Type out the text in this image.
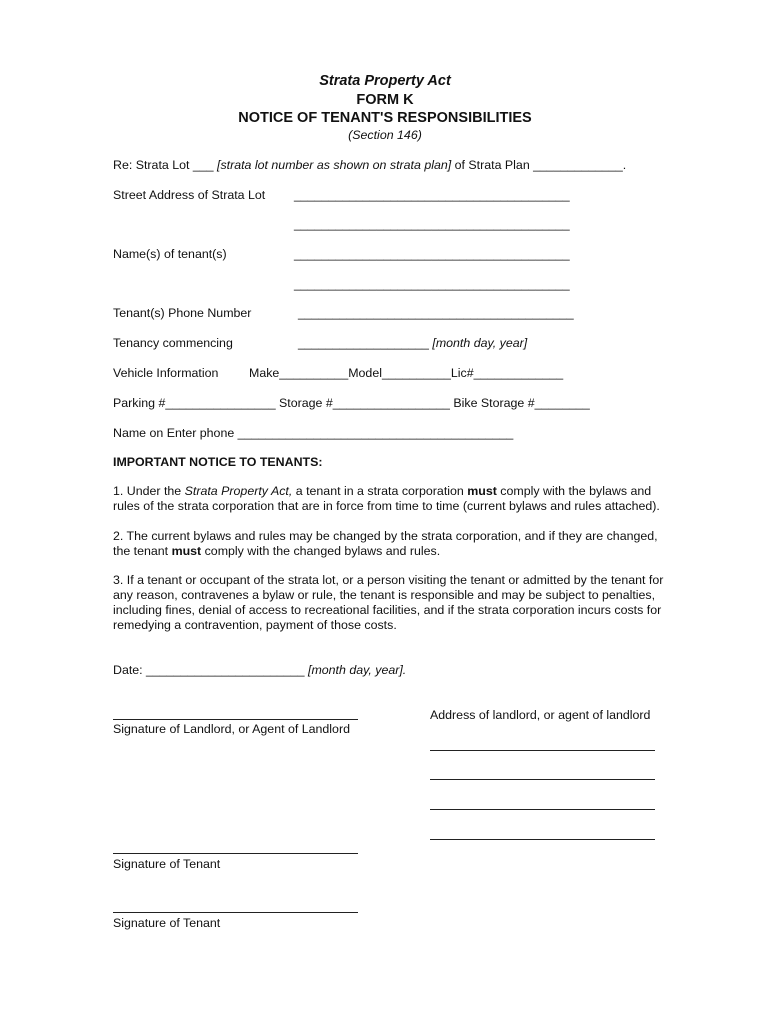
Strata Property Act
FORM K
NOTICE OF TENANT'S RESPONSIBILITIES
(Section 146)
Re: Strata Lot ___ [strata lot number as shown on strata plan] of Strata Plan _____________.
Street Address of Strata Lot ________________________________________
________________________________________
Name(s) of tenant(s)	________________________________________
________________________________________
Tenant(s) Phone Number	________________________________________
Tenancy commencing	___________________ [month day, year]
Vehicle Information Make__________Model__________Lic#_____________
Parking #________________ Storage #_________________ Bike Storage #________
Name on Enter phone ________________________________________
IMPORTANT NOTICE TO TENANTS:
1. Under the Strata Property Act, a tenant in a strata corporation must comply with the bylaws and rules of the strata corporation that are in force from time to time (current bylaws and rules attached).
2. The current bylaws and rules may be changed by the strata corporation, and if they are changed, the tenant must comply with the changed bylaws and rules.
3. If a tenant or occupant of the strata lot, or a person visiting the tenant or admitted by the tenant for any reason, contravenes a bylaw or rule, the tenant is responsible and may be subject to penalties, including fines, denial of access to recreational facilities, and if the strata corporation incurs costs for remedying a contravention, payment of those costs.
Date: _______________________ [month day, year].
Signature of Landlord, or Agent of Landlord
Address of landlord, or agent of landlord
Signature of Tenant
Signature of Tenant
